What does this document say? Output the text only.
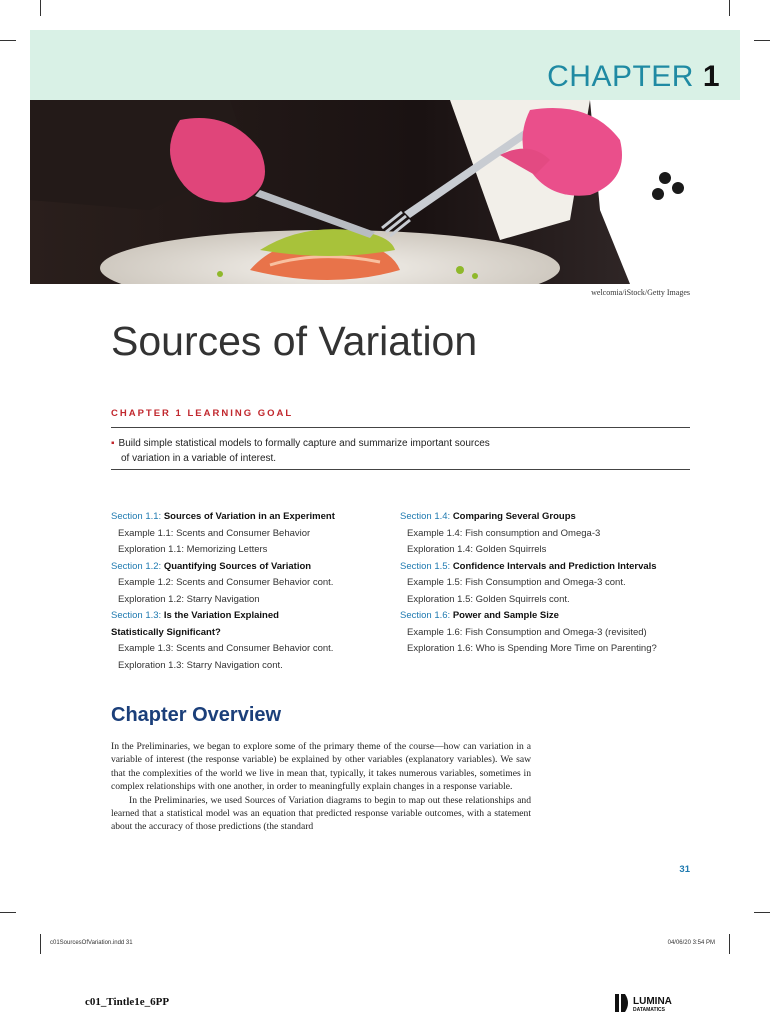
CHAPTER 1
welcomia/iStock/Getty Images
Sources of Variation
CHAPTER 1 LEARNING GOAL
▪ Build simple statistical models to formally capture and summarize important sources
of variation in a variable of interest.
Section 1.1: Sources of Variation in an Experiment
Example 1.1: Scents and Consumer Behavior
Exploration 1.1: Memorizing Letters
Section 1.2: Quantifying Sources of Variation
Example 1.2: Scents and Consumer Behavior cont.
Exploration 1.2: Starry Navigation
Section 1.3: Is the Variation Explained
Statistically Significant?
Example 1.3: Scents and Consumer Behavior cont.
Exploration 1.3: Starry Navigation cont.
Section 1.4: Comparing Several Groups
Example 1.4: Fish consumption and Omega-3
Exploration 1.4: Golden Squirrels
Section 1.5: Confidence Intervals and Prediction Intervals
Example 1.5: Fish Consumption and Omega-3 cont.
Exploration 1.5: Golden Squirrels cont.
Section 1.6: Power and Sample Size
Example 1.6: Fish Consumption and Omega-3 (revisited)
Exploration 1.6: Who is Spending More Time on Parenting?
Chapter Overview

In the Preliminaries, we began to explore some of the primary theme of the course—how can variation in a variable of interest (the response variable) be explained by other variables (explanatory variables). We saw that the complexities of the world we live in mean that, typically, it takes numerous variables, sometimes in complex relationships with one another, in order to meaningfully explain changes in a response variable.

In the Preliminaries, we used Sources of Variation diagrams to begin to map out these relationships and learned that a statistical model was an equation that predicted response variable outcomes, with a statement about the accuracy of those predictions (the standard

31
c01SourcesOfVariation.indd 31	04/06/20 3:54 PM
c01_Tintle1e_6PP	LUMINA
DATAMATICS
